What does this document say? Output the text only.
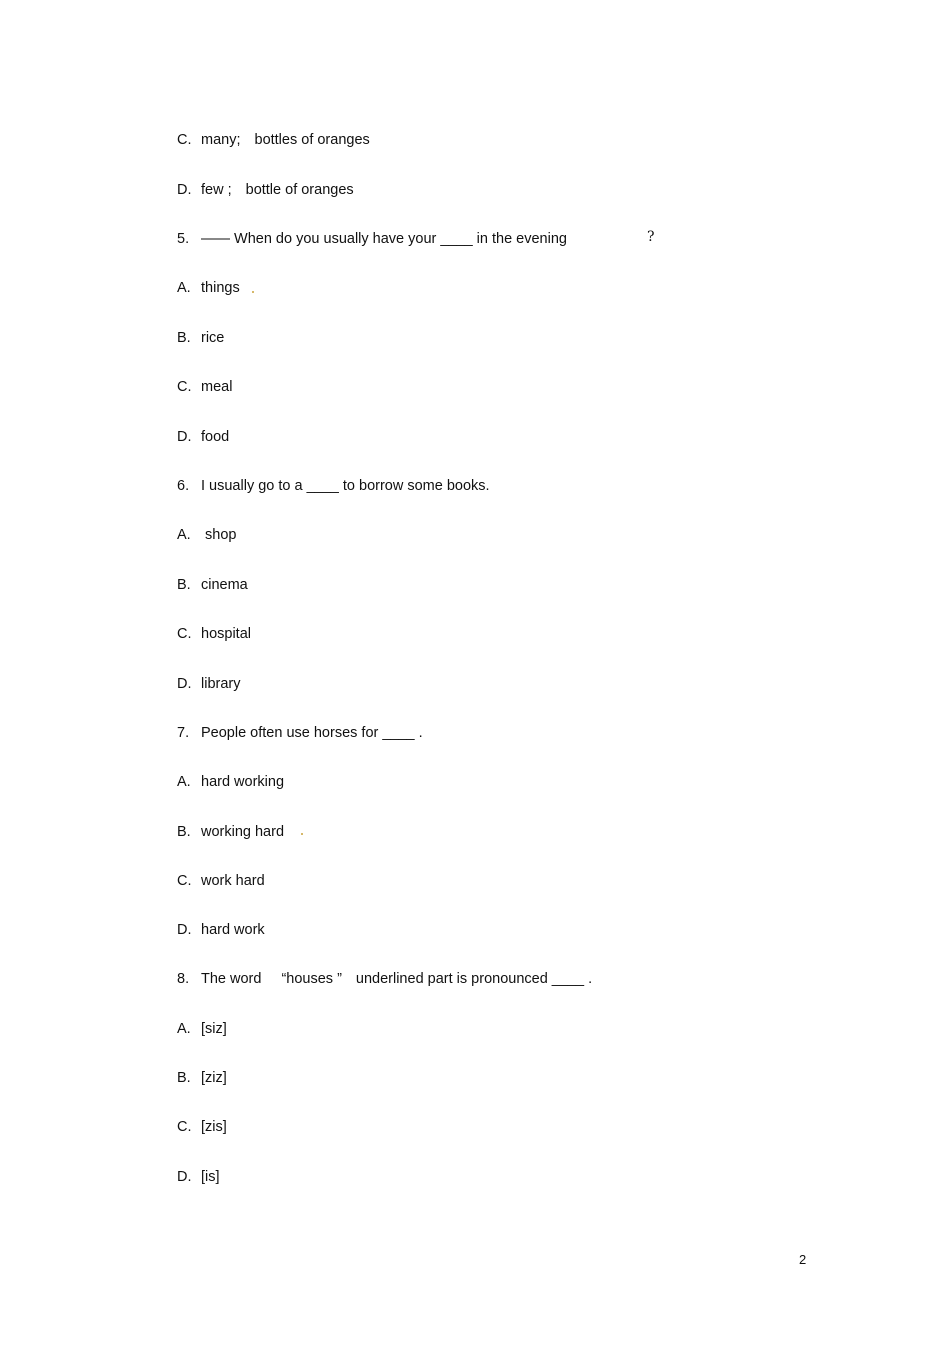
C. many; bottles of oranges
D. few ; bottle of oranges
5. —— When do you usually have your ____ in the evening	?
A. things
B. rice
C. meal
D. food
6. I usually go to a ____ to borrow some books.
A. shop
B. cinema
C. hospital
D. library
7. People often use horses for ____ .
A. hard working
B. working hard
C. work hard
D. hard work
8. The word “houses ” underlined part is pronounced ____ .
A. [siz]
B. [ziz]
C. [zis]
D. [is]
2
